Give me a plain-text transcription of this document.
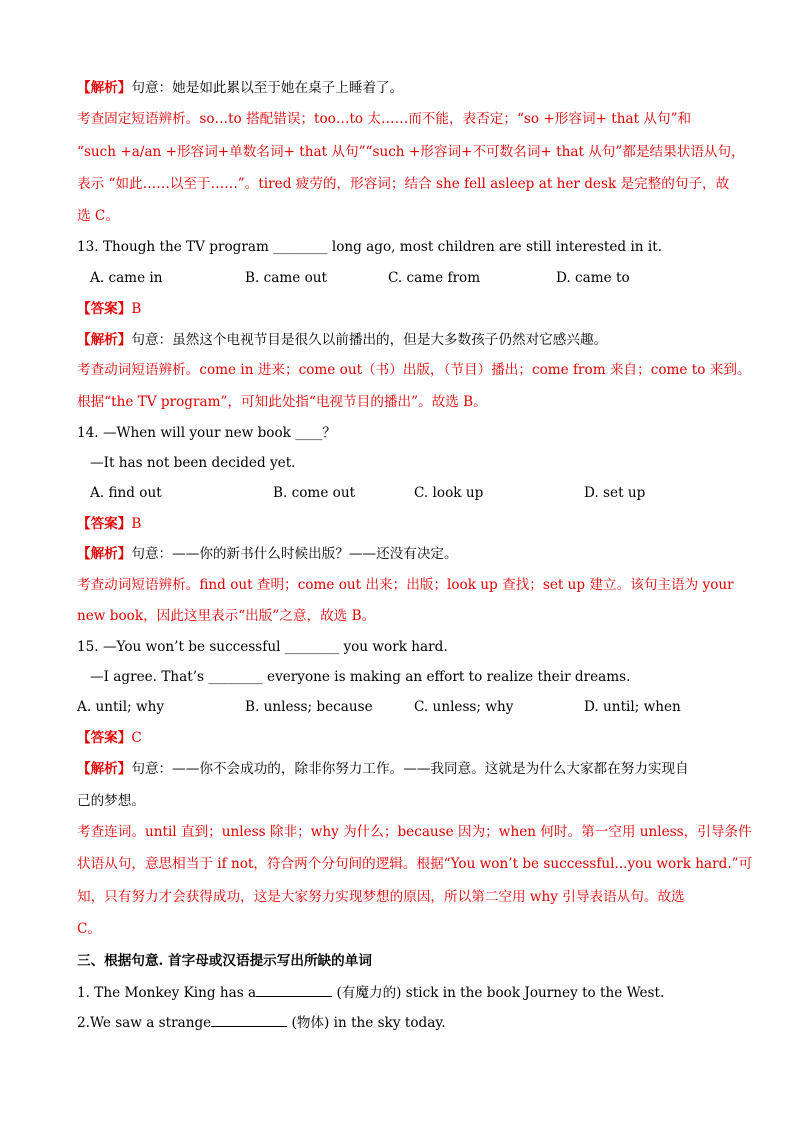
【解析】句意：她是如此累以至于她在桌子上睡着了。
考查固定短语辨析。so…to 搭配错误；too…to 太……而不能，表否定；“so +形容词+ that 从句”和
“such +a/an +形容词+单数名词+ that 从句”“such +形容词+不可数名词+ that 从句”都是结果状语从句，
表示 “如此……以至于……”。tired 疲劳的，形容词；结合 she fell asleep at her desk 是完整的句子，故
选 C。
13. Though the TV program ________ long ago, most children are still interested in it.
A. came in	B. came out	C. came from	D. came to
【答案】B
【解析】句意：虽然这个电视节目是很久以前播出的，但是大多数孩子仍然对它感兴趣。
考查动词短语辨析。come in 进来；come out（书）出版，（节目）播出；come from 来自；come to 来到。
根据“the TV program”，可知此处指“电视节目的播出”。故选 B。
14. —When will your new book ____？
—It has not been decided yet.
A. find out	B. come out	C. look up	D. set up
【答案】B
【解析】句意：——你的新书什么时候出版？——还没有决定。
考查动词短语辨析。find out 查明；come out 出来；出版；look up 查找；set up 建立。该句主语为 your
new book，因此这里表示“出版”之意，故选 B。
15. —You won’t be successful ________ you work hard.
—I agree. That’s ________ everyone is making an effort to realize their dreams.
A. until; why	B. unless; because	C. unless; why	D. until; when
【答案】C
【解析】句意：——你不会成功的，除非你努力工作。——我同意。这就是为什么大家都在努力实现自
己的梦想。
考查连词。until 直到；unless 除非；why 为什么；because 因为；when 何时。第一空用 unless，引导条件
状语从句，意思相当于 if not，符合两个分句间的逻辑。根据“You won’t be successful...you work hard.”可
知，只有努力才会获得成功，这是大家努力实现梦想的原因，所以第二空用 why 引导表语从句。故选
C。
三、根据句意. 首字母或汉语提示写出所缺的单词
1. The Monkey King has a	(有魔力的) stick in the book Journey to the West.
2.We saw a strange	(物体) in the sky today.
